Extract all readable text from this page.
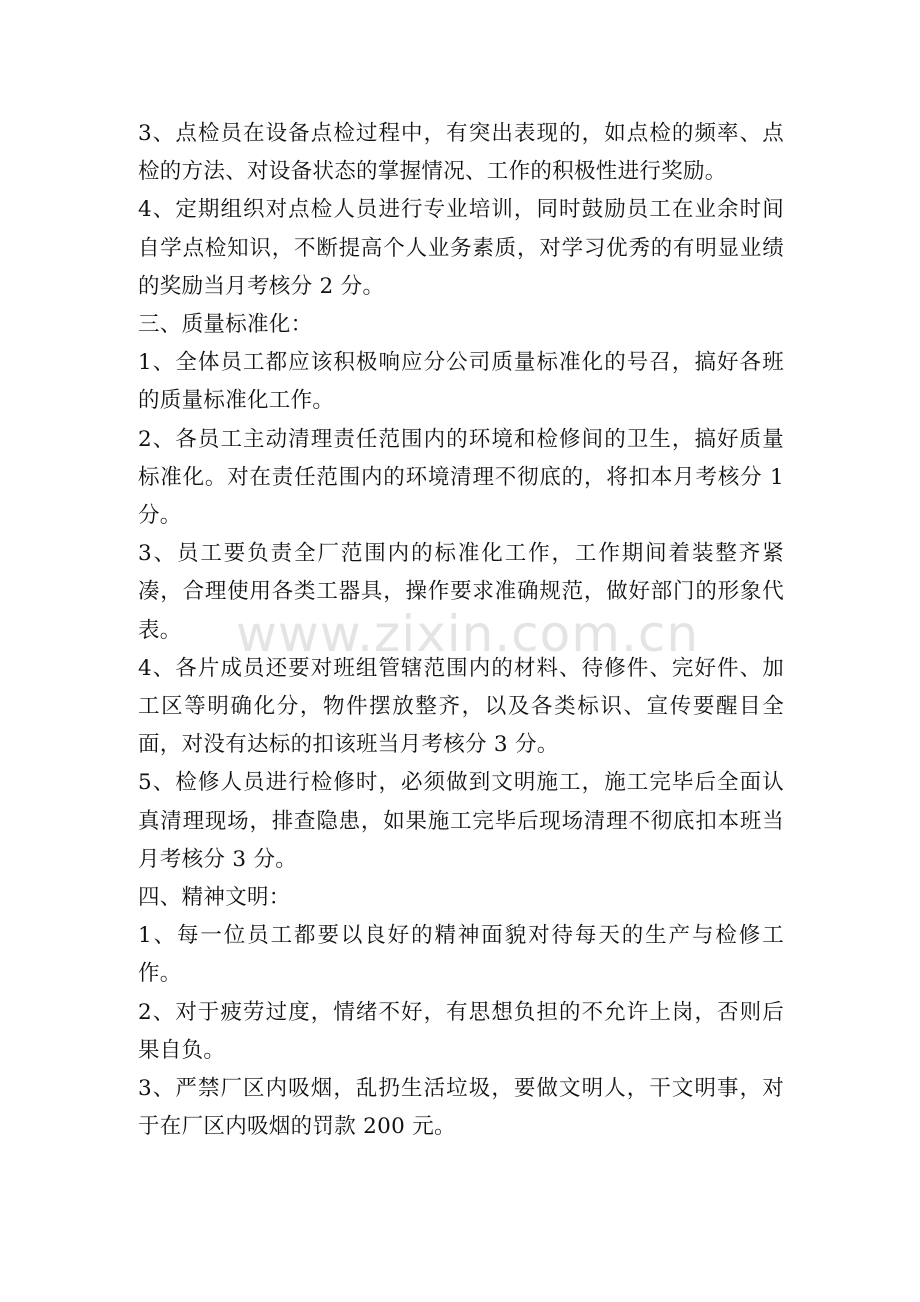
3、点检员在设备点检过程中，有突出表现的，如点检的频率、点检的方法、对设备状态的掌握情况、工作的积极性进行奖励。

4、定期组织对点检人员进行专业培训，同时鼓励员工在业余时间自学点检知识，不断提高个人业务素质，对学习优秀的有明显业绩的奖励当月考核分 2 分。

三、质量标准化：

1、全体员工都应该积极响应分公司质量标准化的号召，搞好各班的质量标准化工作。

2、各员工主动清理责任范围内的环境和检修间的卫生，搞好质量标准化。对在责任范围内的环境清理不彻底的，将扣本月考核分 1 分。

3、员工要负责全厂范围内的标准化工作，工作期间着装整齐紧凑，合理使用各类工器具，操作要求准确规范，做好部门的形象代表。

4、各片成员还要对班组管辖范围内的材料、待修件、完好件、加工区等明确化分，物件摆放整齐，以及各类标识、宣传要醒目全面，对没有达标的扣该班当月考核分 3 分。

5、检修人员进行检修时，必须做到文明施工，施工完毕后全面认真清理现场，排查隐患，如果施工完毕后现场清理不彻底扣本班当月考核分 3 分。

四、精神文明：

1、每一位员工都要以良好的精神面貌对待每天的生产与检修工作。

2、对于疲劳过度，情绪不好，有思想负担的不允许上岗，否则后果自负。

3、严禁厂区内吸烟，乱扔生活垃圾，要做文明人，干文明事，对于在厂区内吸烟的罚款 200 元。

www.zixin.com.cn
